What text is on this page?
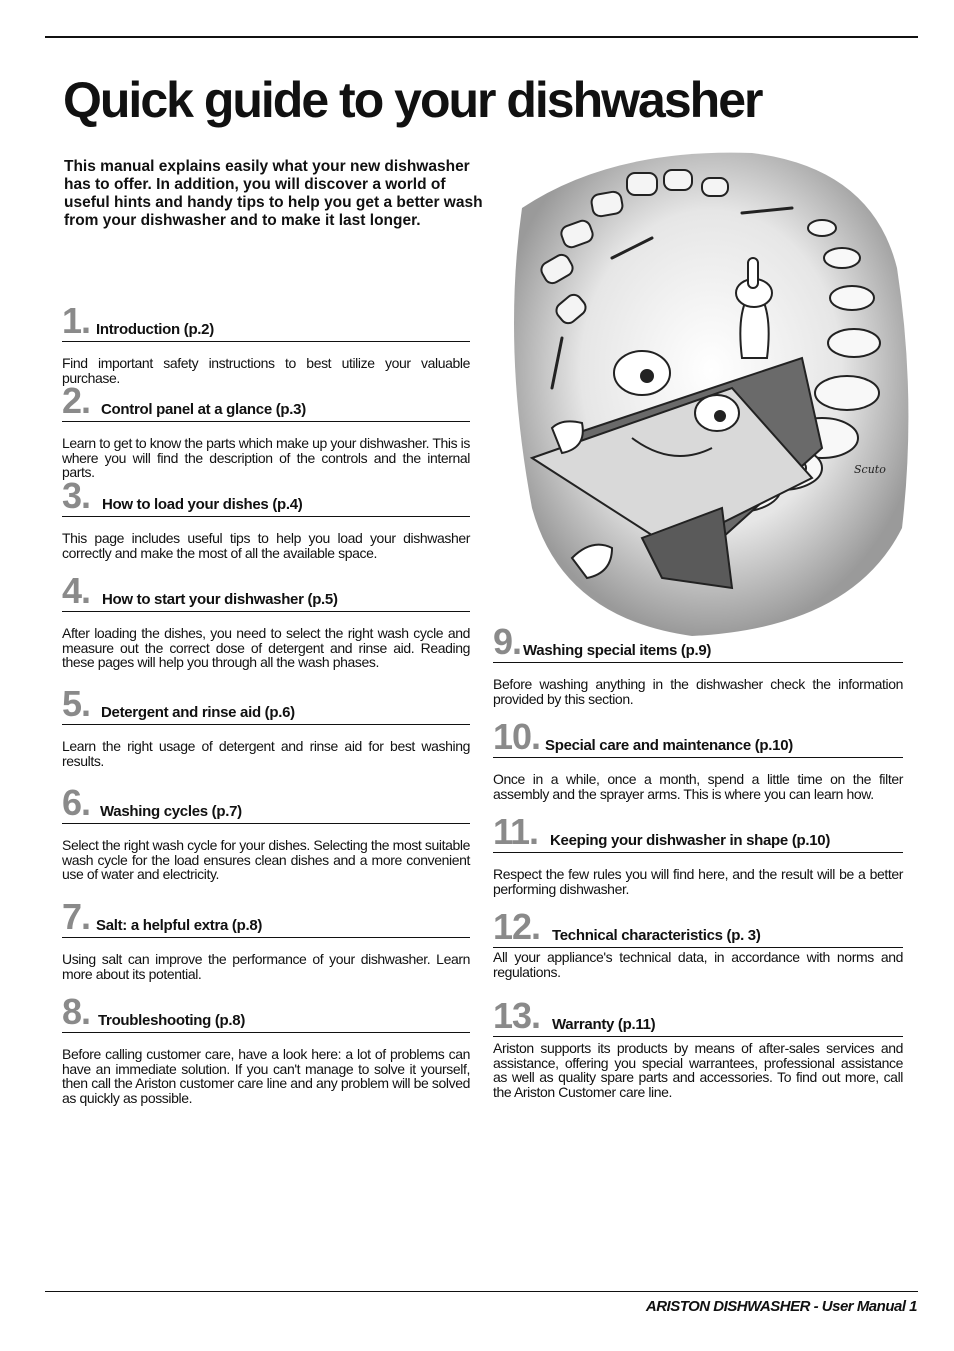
Quick guide to your dishwasher

This manual explains easily what your new dishwasher has to offer. In addition, you will discover a world of useful hints and handy tips to help you get a better wash from your dishwasher and to make it last longer.

Scuto
1. Introduction (p.2)

Find important safety instructions to best utilize your valuable purchase.

2. Control panel at a glance (p.3)

Learn to get to know the parts which make up your dishwasher. This is where you will find the description of the controls and the internal parts.

3. How to load your dishes (p.4)

This page includes useful tips to help you load your dishwasher correctly and make the most of all the available space.

4. How to start your dishwasher (p.5)

After loading the dishes, you need to select the right wash cycle and measure out the correct dose of detergent and rinse aid. Reading these pages will help you through all the wash phases.

5. Detergent and rinse aid (p.6)

Learn the right usage of detergent and rinse aid for best washing results.

6. Washing cycles (p.7)

Select the right wash cycle for your dishes. Selecting the most suitable wash cycle for the load ensures clean dishes and a more convenient use of water and electricity.

7. Salt: a helpful extra (p.8)

Using salt can improve the performance of your dishwasher. Learn more about its potential.

8. Troubleshooting (p.8)

Before calling customer care, have a look here: a lot of problems can have an immediate solution. If you can't manage to solve it yourself, then call the Ariston customer care line and any problem will be solved as quickly as possible.

9. Washing special items (p.9)

Before washing anything in the dishwasher check the information provided by this section.

10. Special care and maintenance (p.10)

Once in a while, once a month, spend a little time on the filter assembly and the sprayer arms. This is where you can learn how.

11. Keeping your dishwasher in shape (p.10)

Respect the few rules you will find here, and the result will be a better performing dishwasher.

12. Technical characteristics (p. 3)

All your appliance's technical data, in accordance with norms and regulations.

13. Warranty (p.11)

Ariston supports its products by means of after-sales services and assistance, offering you special warrantees, professional assistance as well as quality spare parts and accessories. To find out more, call the Ariston Customer care line.

ARISTON DISHWASHER - User Manual 1
